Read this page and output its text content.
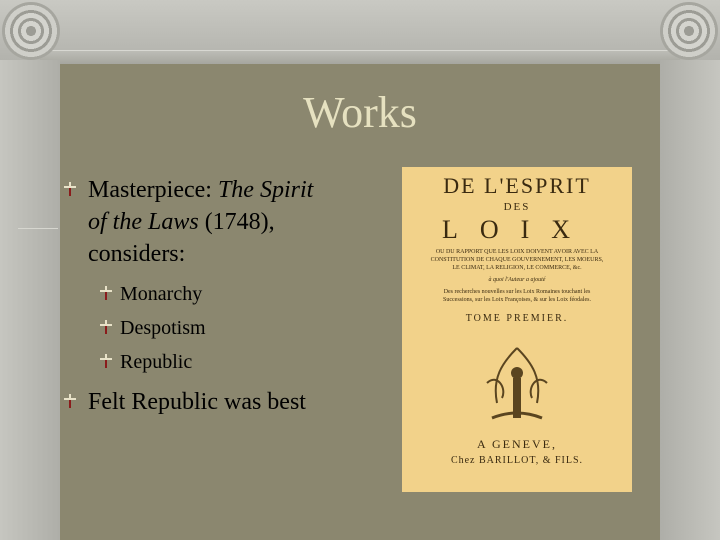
Works
Masterpiece: The Spirit of the Laws (1748), considers:
Monarchy
Despotism
Republic
Felt Republic was best
DE L'ESPRIT
DES
LOIX
OU DU RAPPORT QUE LES LOIX DOIVENT AVOIR AVEC LA
CONSTITUTION DE CHAQUE GOUVERNEMENT, LES MOEURS,
LE CLIMAT, LA RELIGION, LE COMMERCE, &c.
à quoi l'Auteur a ajouté
Des recherches nouvelles sur les Loix Romaines touchant les
Successions, sur les Loix Françoises, & sur les Loix féodales.
TOME PREMIER.
A GENEVE,
Chez BARILLOT, & FILS.
